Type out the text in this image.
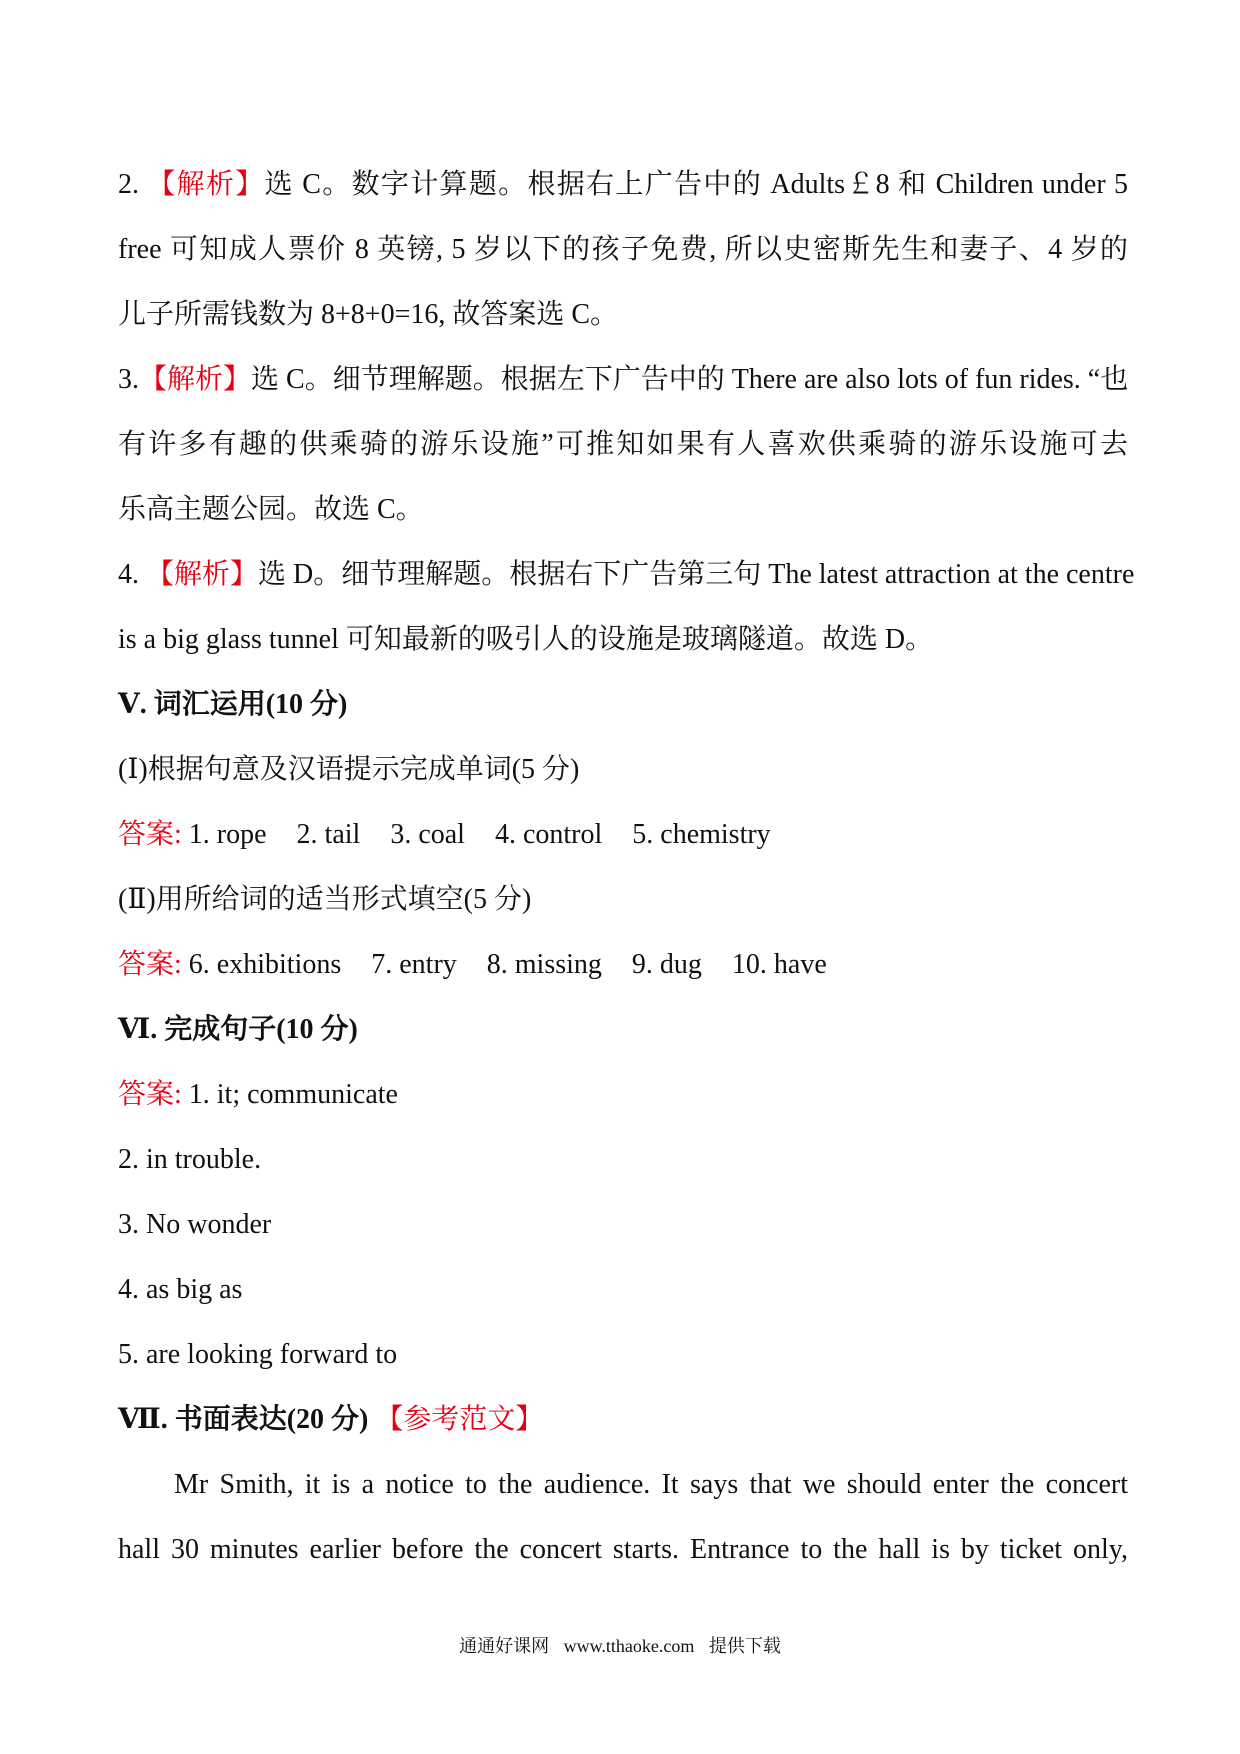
2. 【解析】选 C。数字计算题。根据右上广告中的 Adults￡8 和 Children under 5
free 可知成人票价 8 英镑, 5 岁以下的孩子免费, 所以史密斯先生和妻子、4 岁的
儿子所需钱数为 8+8+0=16, 故答案选 C。
3.【解析】选 C。细节理解题。根据左下广告中的 There are also lots of fun rides. “也
有许多有趣的供乘骑的游乐设施”可推知如果有人喜欢供乘骑的游乐设施可去
乐高主题公园。故选 C。
4. 【解析】选 D。细节理解题。根据右下广告第三句 The latest attraction at the centre
is a big glass tunnel 可知最新的吸引人的设施是玻璃隧道。故选 D。
Ⅴ. 词汇运用(10 分)
(Ⅰ)根据句意及汉语提示完成单词(5 分)
答案: 1. rope 2. tail 3. coal 4. control 5. chemistry
(Ⅱ)用所给词的适当形式填空(5 分)
答案: 6. exhibitions 7. entry 8. missing 9. dug 10. have
Ⅵ. 完成句子(10 分)
答案: 1. it; communicate
2. in trouble.
3. No wonder
4. as big as
5. are looking forward to
Ⅶ. 书面表达(20 分) 【参考范文】
Mr Smith, it is a notice to the audience. It says that we should enter the concert
hall 30 minutes earlier before the concert starts. Entrance to the hall is by ticket only,
通通好课网 www.tthaoke.com 提供下载
